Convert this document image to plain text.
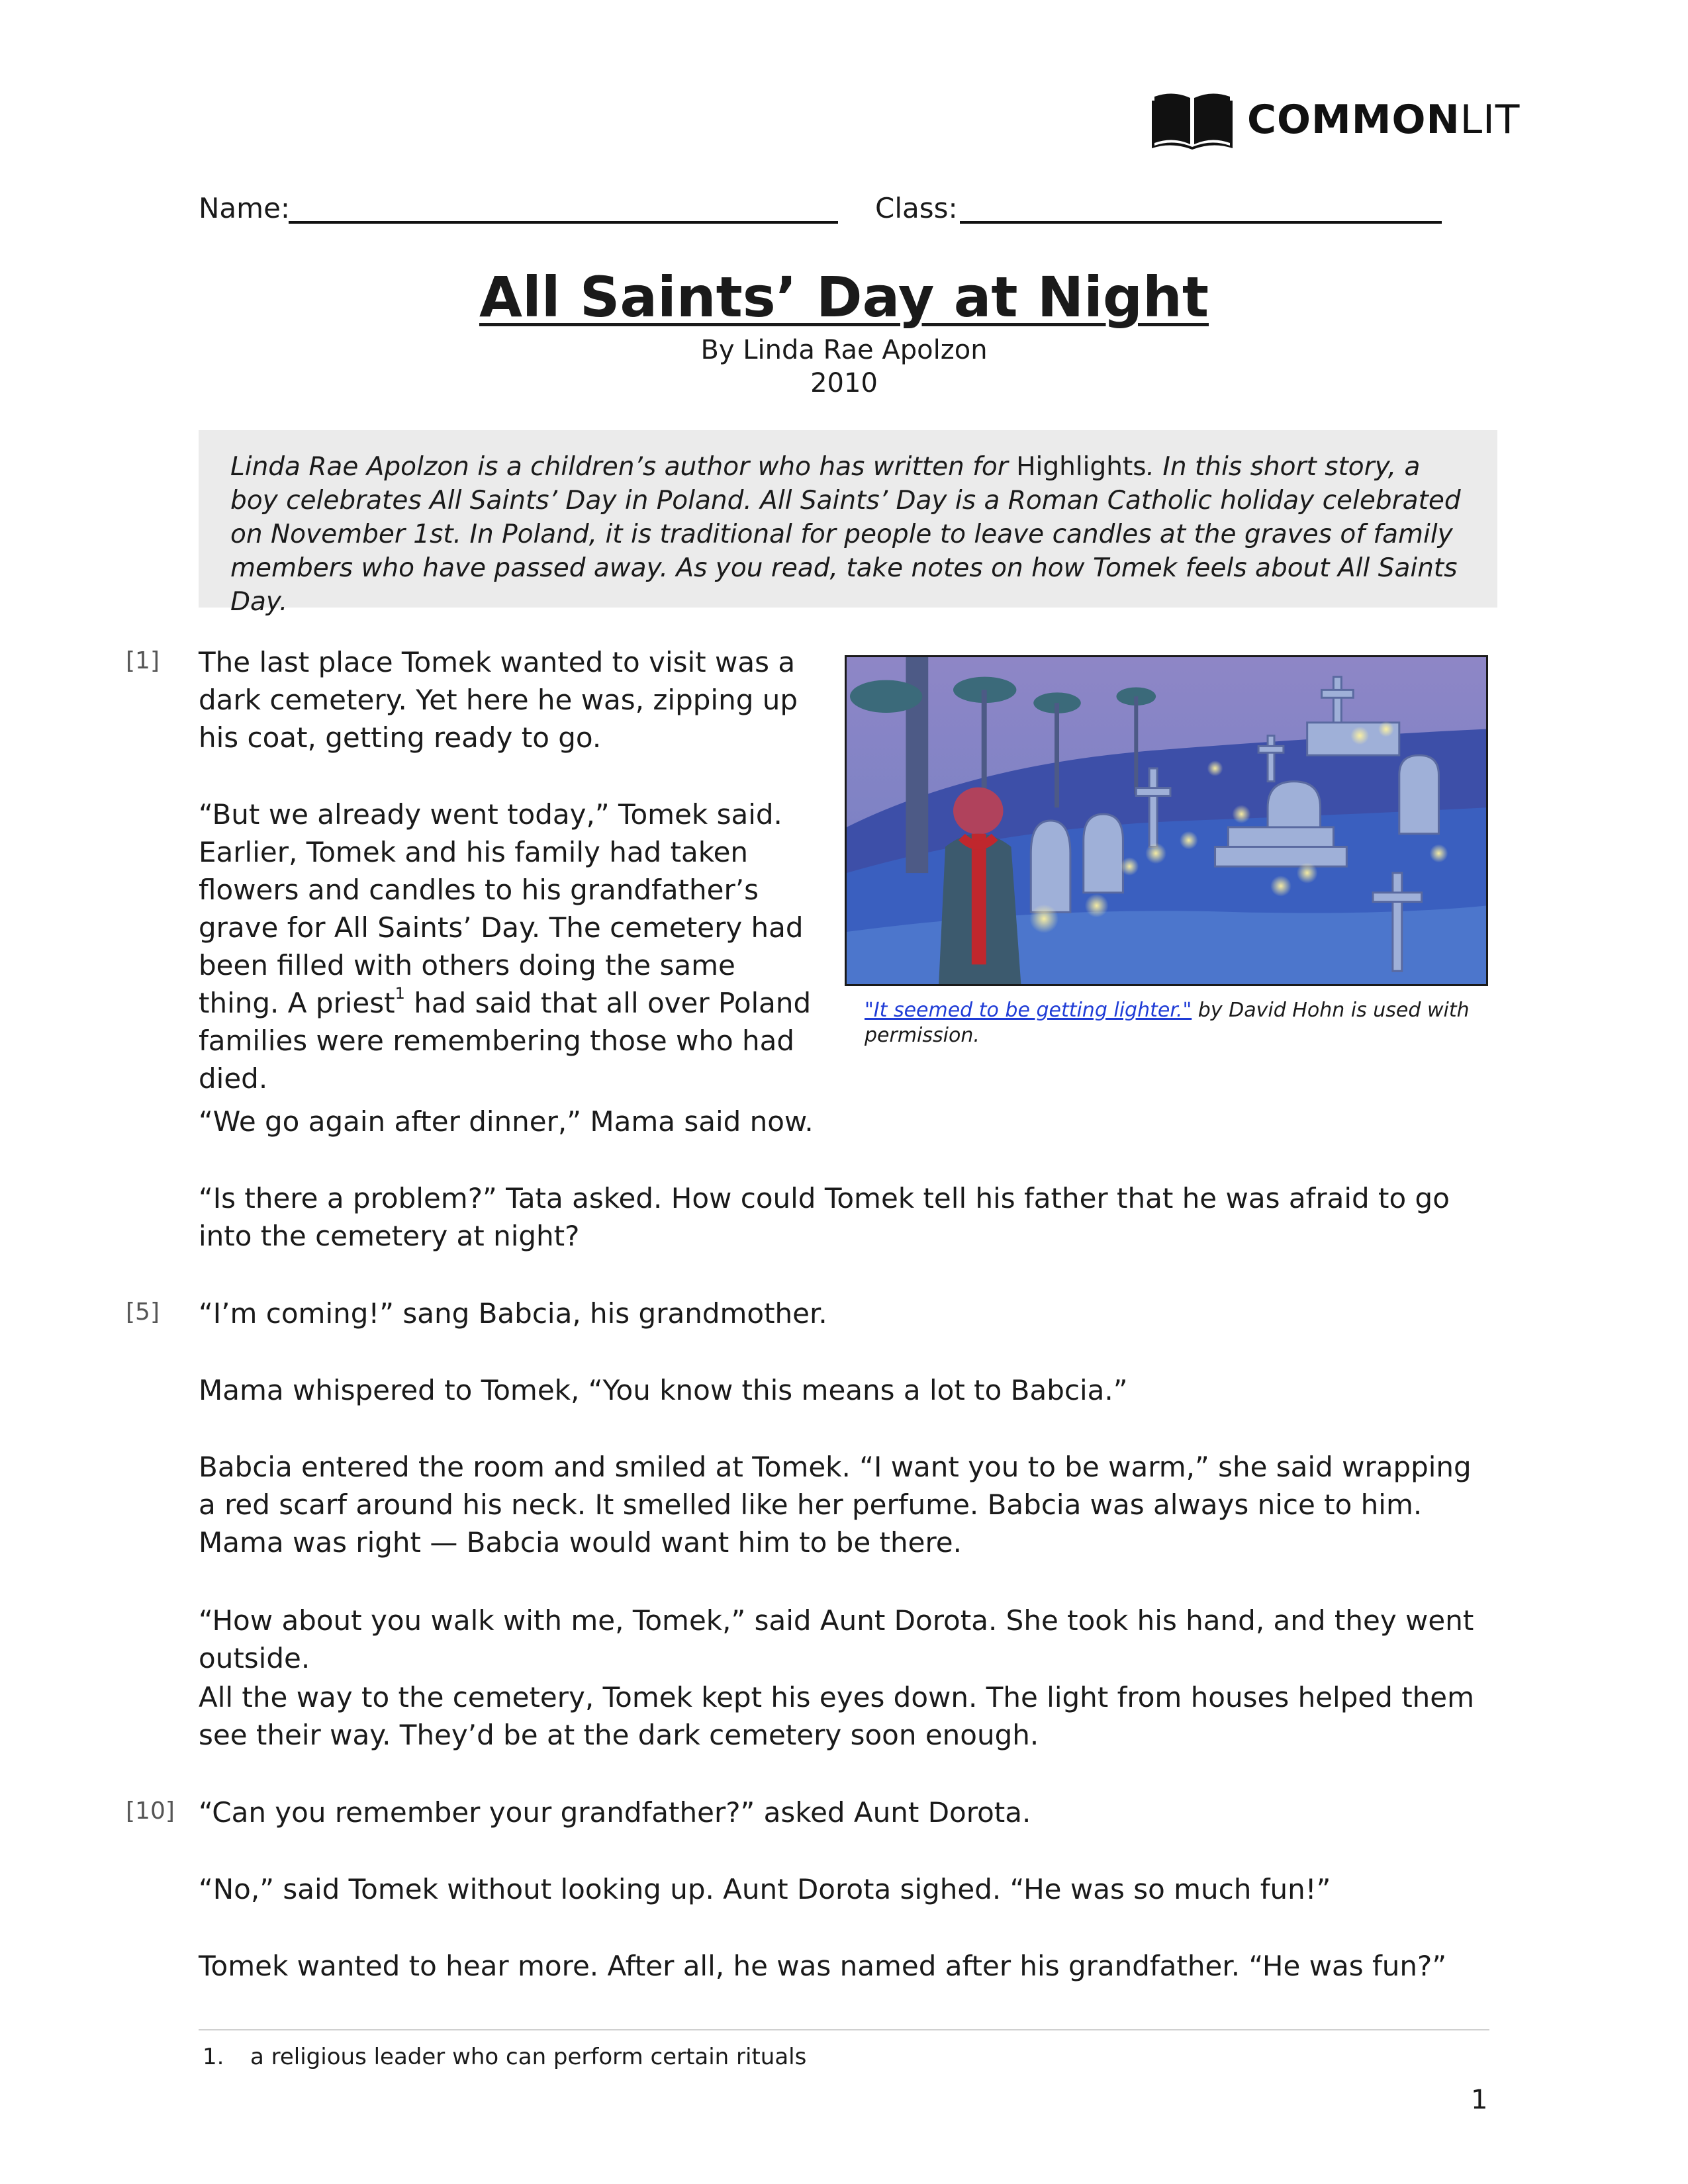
COMMONLIT
Name:	Class:
All Saints’ Day at Night
By Linda Rae Apolzon
2010

Linda Rae Apolzon is a children’s author who has written for Highlights. In this short story, a boy celebrates All Saints’ Day in Poland. All Saints’ Day is a Roman Catholic holiday celebrated on November 1st. In Poland, it is traditional for people to leave candles at the graves of family members who have passed away. As you read, take notes on how Tomek feels about All Saints Day.

[1] The last place Tomek wanted to visit was a dark cemetery. Yet here he was, zipping up his coat, getting ready to go.
“But we already went today,” Tomek said. Earlier, Tomek and his family had taken flowers and candles to his grandfather’s grave for All Saints’ Day. The cemetery had been filled with others doing the same thing. A priest$^1$ had said that all over Poland families were remembering those who had died.
"It seemed to be getting lighter." by David Hohn is used with permission.
“We go again after dinner,” Mama said now.
“Is there a problem?” Tata asked. How could Tomek tell his father that he was afraid to go into the cemetery at night?
[5] “I’m coming!” sang Babcia, his grandmother.
Mama whispered to Tomek, “You know this means a lot to Babcia.”
Babcia entered the room and smiled at Tomek. “I want you to be warm,” she said wrapping a red scarf around his neck. It smelled like her perfume. Babcia was always nice to him. Mama was right — Babcia would want him to be there.
“How about you walk with me, Tomek,” said Aunt Dorota. She took his hand, and they went outside.
All the way to the cemetery, Tomek kept his eyes down. The light from houses helped them see their way. They’d be at the dark cemetery soon enough.
[10] “Can you remember your grandfather?” asked Aunt Dorota.
“No,” said Tomek without looking up. Aunt Dorota sighed. “He was so much fun!”
Tomek wanted to hear more. After all, he was named after his grandfather. “He was fun?”
1. a religious leader who can perform certain rituals
1
